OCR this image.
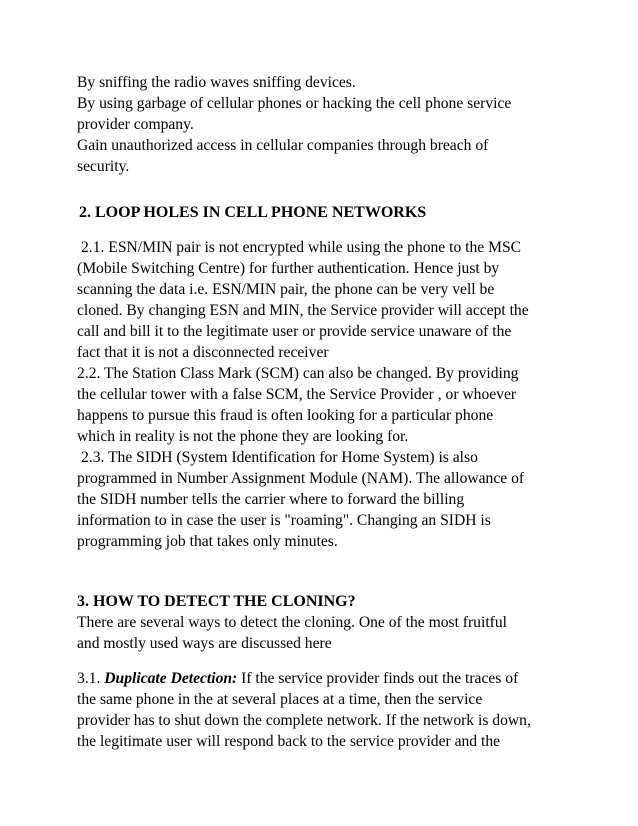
By sniffing the radio waves sniffing devices.
By using garbage of cellular phones or hacking the cell phone service
provider company.
Gain unauthorized access in cellular companies through breach of
security.
2. LOOP HOLES IN CELL PHONE NETWORKS
2.1. ESN/MIN pair is not encrypted while using the phone to the MSC
(Mobile Switching Centre) for further authentication. Hence just by
scanning the data i.e. ESN/MIN pair, the phone can be very vell be
cloned. By changing ESN and MIN, the Service provider will accept the
call and bill it to the legitimate user or provide service unaware of the
fact that it is not a disconnected receiver
2.2. The Station Class Mark (SCM) can also be changed. By providing
the cellular tower with a false SCM, the Service Provider , or whoever
happens to pursue this fraud is often looking for a particular phone
which in reality is not the phone they are looking for.
2.3. The SIDH (System Identification for Home System) is also
programmed in Number Assignment Module (NAM). The allowance of
the SIDH number tells the carrier where to forward the billing
information to in case the user is "roaming". Changing an SIDH is
programming job that takes only minutes.
3. HOW TO DETECT THE CLONING?
There are several ways to detect the cloning. One of the most fruitful
and mostly used ways are discussed here
3.1. Duplicate Detection: If the service provider finds out the traces of
the same phone in the at several places at a time, then the service
provider has to shut down the complete network. If the network is down,
the legitimate user will respond back to the service provider and the
